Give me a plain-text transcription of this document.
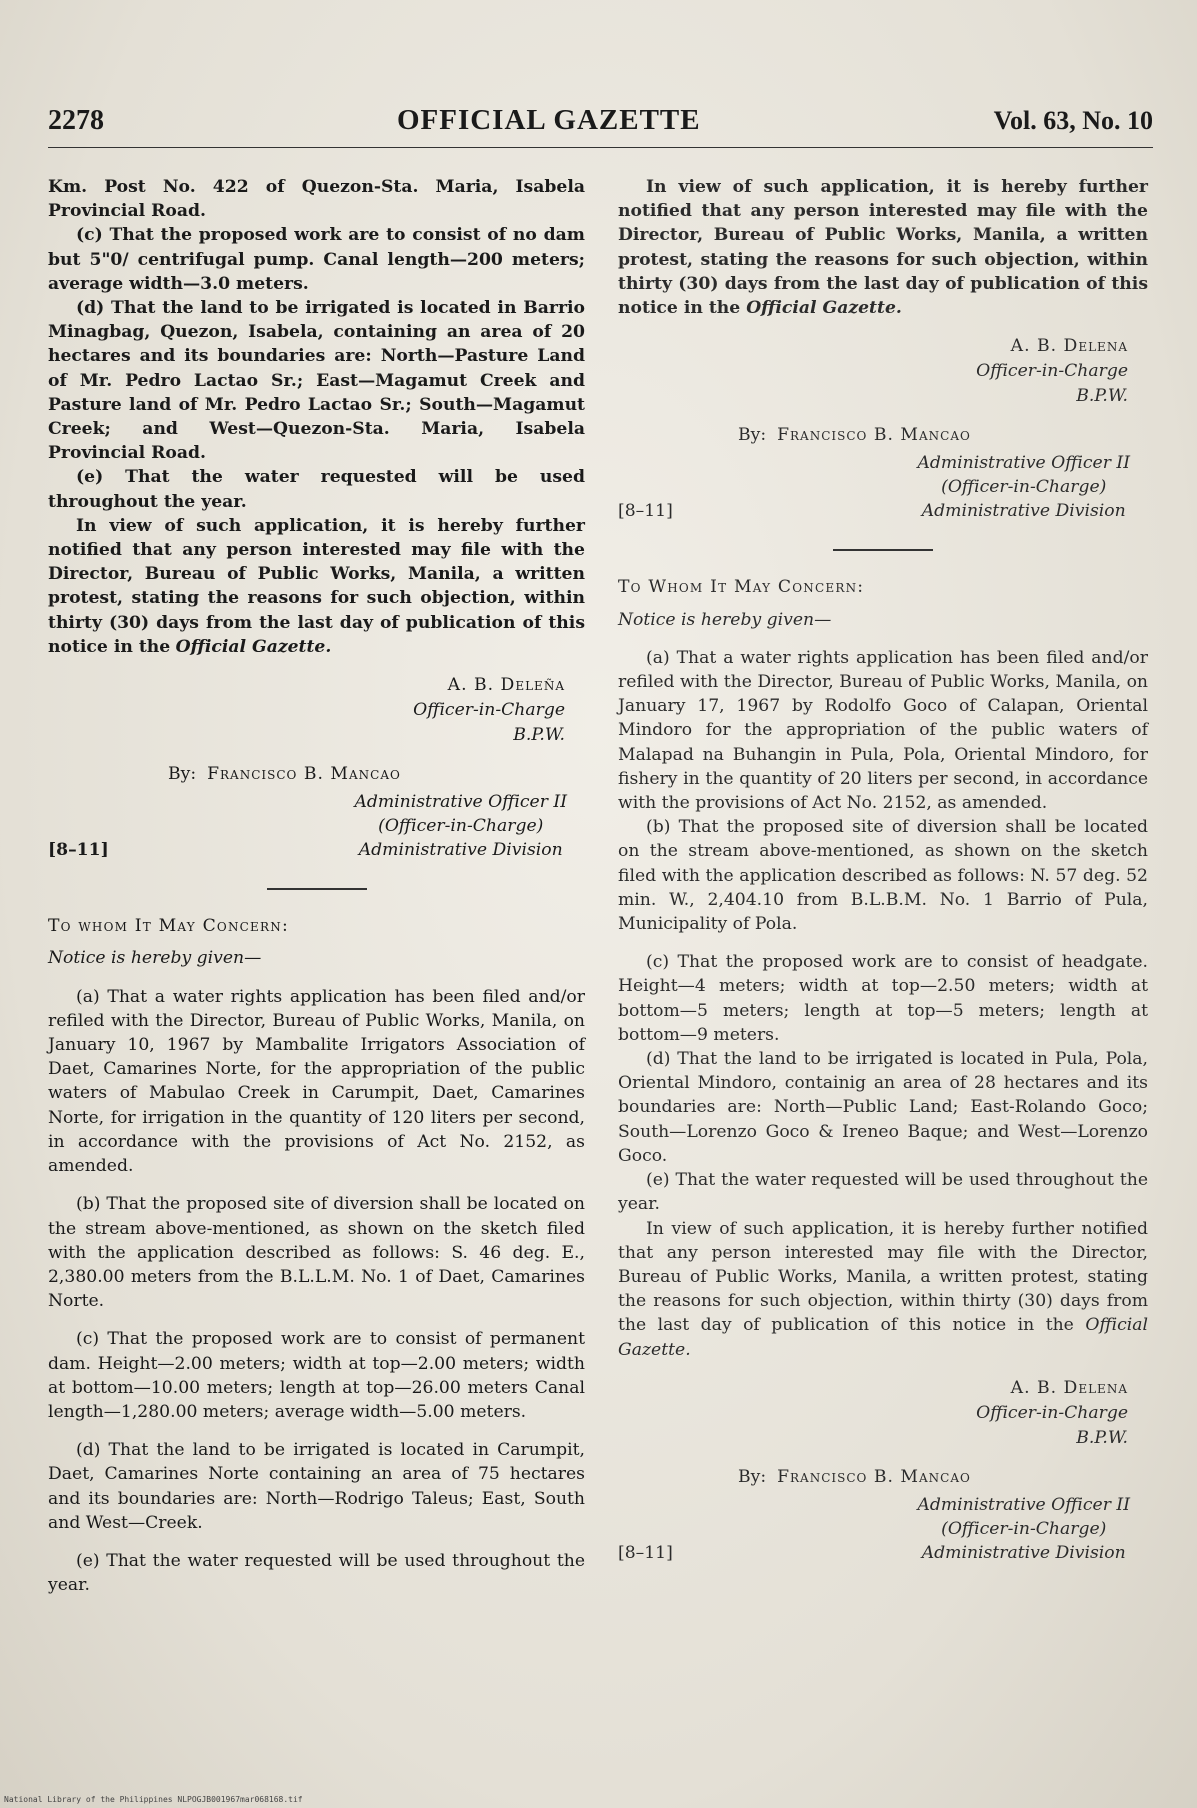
2278	OFFICIAL GAZETTE	Vol. 63, No. 10

Km. Post No. 422 of Quezon-Sta. Maria, Isabela Provincial Road.

(c) That the proposed work are to consist of no dam but 5"0/ centrifugal pump. Canal length—200 meters; average width—3.0 meters.

(d) That the land to be irrigated is located in Barrio Minagbag, Quezon, Isabela, containing an area of 20 hectares and its boundaries are: North—Pasture Land of Mr. Pedro Lactao Sr.; East—Magamut Creek and Pasture land of Mr. Pedro Lactao Sr.; South—Magamut Creek; and West—Quezon-Sta. Maria, Isabela Provincial Road.

(e) That the water requested will be used throughout the year.

In view of such application, it is hereby further notified that any person interested may file with the Director, Bureau of Public Works, Manila, a written protest, stating the reasons for such objection, within thirty (30) days from the last day of publication of this notice in the Official Gazette.

A. B. Deleña
Officer-in-Charge
B.P.W.
By: Francisco B. Mancao
[8–11]
Administrative Officer II
(Officer-in-Charge)
Administrative Division
To whom It May Concern:
Notice is hereby given—

(a) That a water rights application has been filed and/or refiled with the Director, Bureau of Public Works, Manila, on January 10, 1967 by Mambalite Irrigators Association of Daet, Camarines Norte, for the appropriation of the public waters of Mabulao Creek in Carumpit, Daet, Camarines Norte, for irrigation in the quantity of 120 liters per second, in accordance with the provisions of Act No. 2152, as amended.

(b) That the proposed site of diversion shall be located on the stream above-mentioned, as shown on the sketch filed with the application described as follows: S. 46 deg. E., 2,380.00 meters from the B.L.L.M. No. 1 of Daet, Camarines Norte.

(c) That the proposed work are to consist of permanent dam. Height—2.00 meters; width at top—2.00 meters; width at bottom—10.00 meters; length at top—26.00 meters Canal length—1,280.00 meters; average width—5.00 meters.

(d) That the land to be irrigated is located in Carumpit, Daet, Camarines Norte containing an area of 75 hectares and its boundaries are: North—Rodrigo Taleus; East, South and West—Creek.

(e) That the water requested will be used throughout the year.

In view of such application, it is hereby further notified that any person interested may file with the Director, Bureau of Public Works, Manila, a written protest, stating the reasons for such objection, within thirty (30) days from the last day of publication of this notice in the Official Gazette.

A. B. Delena
Officer-in-Charge
B.P.W.
By: Francisco B. Mancao
[8–11]
Administrative Officer II
(Officer-in-Charge)
Administrative Division
To Whom It May Concern:
Notice is hereby given—

(a) That a water rights application has been filed and/or refiled with the Director, Bureau of Public Works, Manila, on January 17, 1967 by Rodolfo Goco of Calapan, Oriental Mindoro for the appropriation of the public waters of Malapad na Buhangin in Pula, Pola, Oriental Mindoro, for fishery in the quantity of 20 liters per second, in accordance with the provisions of Act No. 2152, as amended.

(b) That the proposed site of diversion shall be located on the stream above-mentioned, as shown on the sketch filed with the application described as follows: N. 57 deg. 52 min. W., 2,404.10 from B.L.B.M. No. 1 Barrio of Pula, Municipality of Pola.

(c) That the proposed work are to consist of headgate. Height—4 meters; width at top—2.50 meters; width at bottom—5 meters; length at top—5 meters; length at bottom—9 meters.

(d) That the land to be irrigated is located in Pula, Pola, Oriental Mindoro, containig an area of 28 hectares and its boundaries are: North—Public Land; East-Rolando Goco; South—Lorenzo Goco & Ireneo Baque; and West—Lorenzo Goco.

(e) That the water requested will be used throughout the year.

In view of such application, it is hereby further notified that any person interested may file with the Director, Bureau of Public Works, Manila, a written protest, stating the reasons for such objection, within thirty (30) days from the last day of publication of this notice in the Official Gazette.

A. B. Delena
Officer-in-Charge
B.P.W.
By: Francisco B. Mancao
[8–11]
Administrative Officer II
(Officer-in-Charge)
Administrative Division
National Library of the Philippines NLPOGJB001967mar068168.tif
